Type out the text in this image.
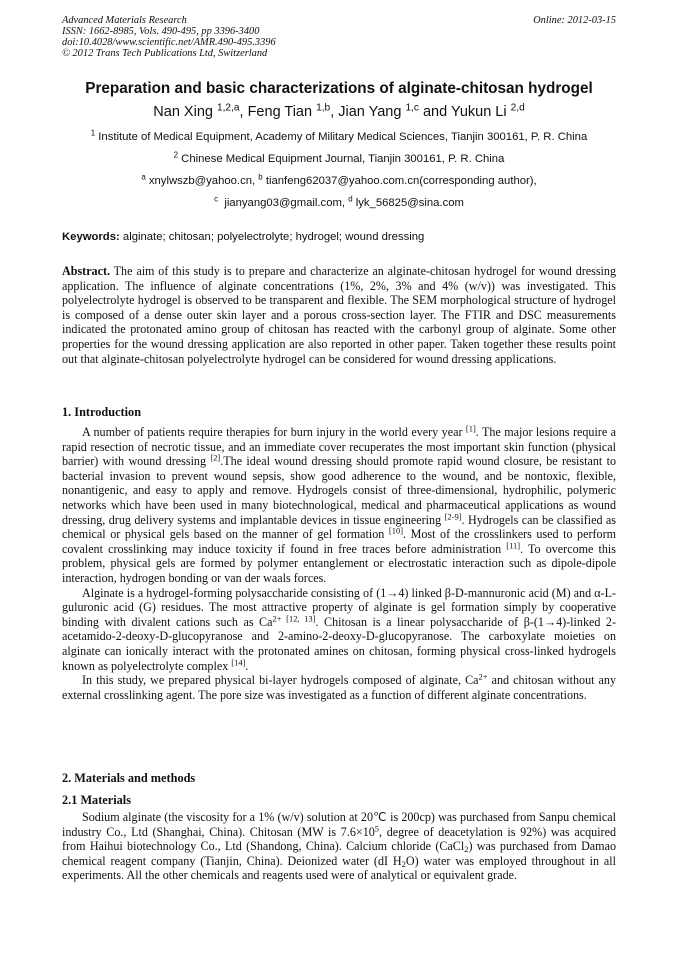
Advanced Materials Research
ISSN: 1662-8985, Vols. 490-495, pp 3396-3400
doi:10.4028/www.scientific.net/AMR.490-495.3396
© 2012 Trans Tech Publications Ltd, Switzerland
Online: 2012-03-15
Preparation and basic characterizations of alginate-chitosan hydrogel
Nan Xing $^{1,2,a}$, Feng Tian $^{1,b}$, Jian Yang $^{1,c}$ and Yukun Li $^{2,d}$
$^1$ Institute of Medical Equipment, Academy of Military Medical Sciences, Tianjin 300161, P. R. China
$^2$ Chinese Medical Equipment Journal, Tianjin 300161, P. R. China
$^a$ xnylwszb@yahoo.cn, $^b$ tianfeng62037@yahoo.com.cn(corresponding author),
$^c$ jianyang03@gmail.com, $^d$ lyk_56825@sina.com
Keywords: alginate; chitosan; polyelectrolyte; hydrogel; wound dressing

Abstract. The aim of this study is to prepare and characterize an alginate-chitosan hydrogel for wound dressing application. The influence of alginate concentrations (1%, 2%, 3% and 4% (w/v)) was investigated. This polyelectrolyte hydrogel is observed to be transparent and flexible. The SEM morphological structure of hydrogel is composed of a dense outer skin layer and a porous cross-section layer. The FTIR and DSC measurements indicated the protonated amino group of chitosan has reacted with the carbonyl group of alginate. Some other properties for the wound dressing application are also reported in other paper. Taken together these results point out that alginate-chitosan polyelectrolyte hydrogel can be considered for wound dressing applications.

1. Introduction

A number of patients require therapies for burn injury in the world every year [1]. The major lesions require a rapid resection of necrotic tissue, and an immediate cover recuperates the most important skin function (physical barrier) with wound dressing [2].The ideal wound dressing should promote rapid wound closure, be resistant to bacterial invasion to prevent wound sepsis, show good adherence to the wound, and be nontoxic, flexible, nonantigenic, and easy to apply and remove. Hydrogels consist of three-dimensional, hydrophilic, polymeric networks which have been used in many biotechnological, medical and pharmaceutical applications as wound dressing, drug delivery systems and implantable devices in tissue engineering [2-9]. Hydrogels can be classified as chemical or physical gels based on the manner of gel formation [10]. Most of the crosslinkers used to perform covalent crosslinking may induce toxicity if found in free traces before administration [11]. To overcome this problem, physical gels are formed by polymer entanglement or electrostatic interaction such as dipole-dipole interaction, hydrogen bonding or van der waals forces.

Alginate is a hydrogel-forming polysaccharide consisting of (1→4) linked β-D-mannuronic acid (M) and α-L-guluronic acid (G) residues. The most attractive property of alginate is gel formation simply by cooperative binding with divalent cations such as $Ca^{2+}$ [12, 13]. Chitosan is a linear polysaccharide of β-(1→4)-linked 2-acetamido-2-deoxy-D-glucopyranose and 2-amino-2-deoxy-D-glucopyranose. The carboxylate moieties on alginate can ionically interact with the protonated amines on chitosan, forming physical cross-linked hydrogels known as polyelectrolyte complex [14].

In this study, we prepared physical bi-layer hydrogels composed of alginate, $Ca^{2+}$ and chitosan without any external crosslinking agent. The pore size was investigated as a function of different alginate concentrations.

2. Materials and methods
2.1 Materials

Sodium alginate (the viscosity for a 1% (w/v) solution at 20℃ is 200cp) was purchased from Sanpu chemical industry Co., Ltd (Shanghai, China). Chitosan (MW is $7.6\times 10^5$, degree of deacetylation is 92%) was acquired from Haihui biotechnology Co., Ltd (Shandong, China). Calcium chloride (CaCl$_2$) was purchased from Damao chemical reagent company (Tianjin, China). Deionized water (dI $H_2O$) water was employed throughout in all experiments. All the other chemicals and reagents used were of analytical or equivalent grade.
